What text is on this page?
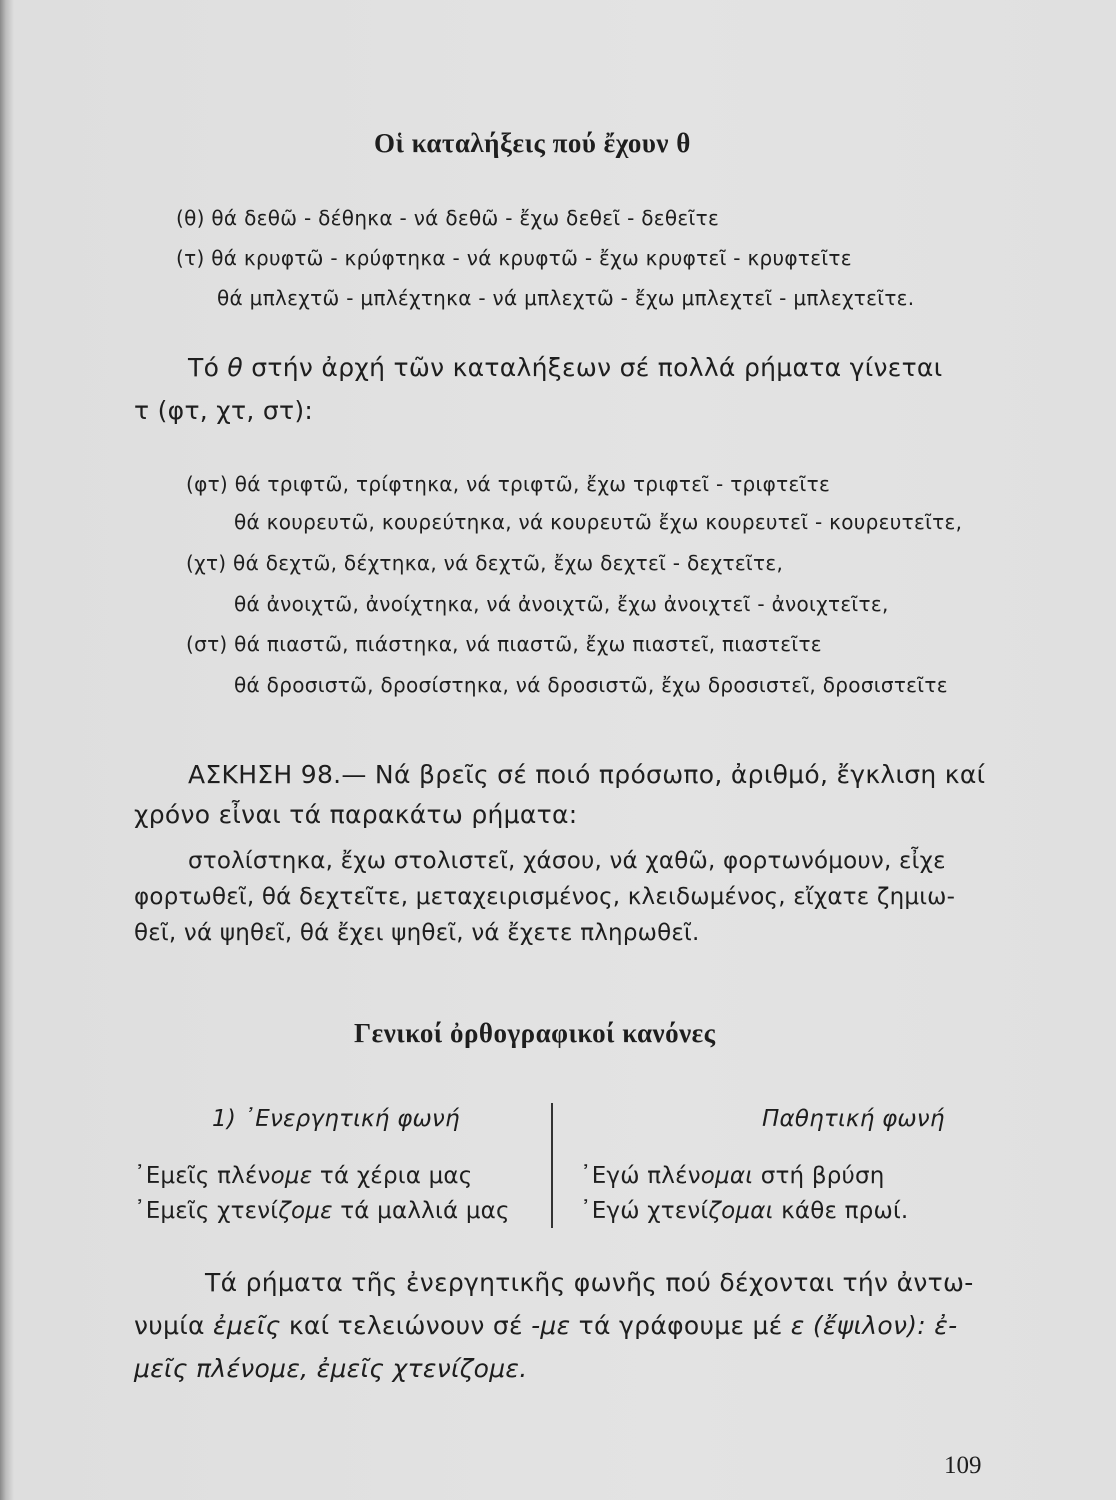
Οἱ καταλήξεις πού ἔχουν θ
(θ) θά δεθῶ - δέθηκα - νά δεθῶ - ἔχω δεθεῖ - δεθεῖτε
(τ) θά κρυφτῶ - κρύφτηκα - νά κρυφτῶ - ἔχω κρυφτεῖ - κρυφτεῖτε
θά μπλεχτῶ - μπλέχτηκα - νά μπλεχτῶ - ἔχω μπλεχτεῖ - μπλεχτεῖτε.
Τό θ στήν ἀρχή τῶν καταλήξεων σέ πολλά ρήματα γίνεται
τ (φτ, χτ, στ):
(φτ) θά τριφτῶ, τρίφτηκα, νά τριφτῶ, ἔχω τριφτεῖ - τριφτεῖτε
θά κουρευτῶ, κουρεύτηκα, νά κουρευτῶ ἔχω κουρευτεῖ - κουρευτεῖτε,
(χτ) θά δεχτῶ, δέχτηκα, νά δεχτῶ, ἔχω δεχτεῖ - δεχτεῖτε,
θά ἀνοιχτῶ, ἀνοίχτηκα, νά ἀνοιχτῶ, ἔχω ἀνοιχτεῖ - ἀνοιχτεῖτε,
(στ) θά πιαστῶ, πιάστηκα, νά πιαστῶ, ἔχω πιαστεῖ, πιαστεῖτε
θά δροσιστῶ, δροσίστηκα, νά δροσιστῶ, ἔχω δροσιστεῖ, δροσιστεῖτε
ΑΣΚΗΣΗ 98.— Νά βρεῖς σέ ποιό πρόσωπο, ἀριθμό, ἔγκλιση καί
χρόνο εἶναι τά παρακάτω ρήματα:
στολίστηκα, ἔχω στολιστεῖ, χάσου, νά χαθῶ, φορτωνόμουν, εἶχε
φορτωθεῖ, θά δεχτεῖτε, μεταχειρισμένος, κλειδωμένος, εἴχατε ζημιω-
θεῖ, νά ψηθεῖ, θά ἔχει ψηθεῖ, νά ἔχετε πληρωθεῖ.
Γενικοί ὀρθογραφικοί κανόνες
1) ᾽Ενεργητική φωνή	Παθητική φωνή
᾽Εμεῖς πλένομε τά χέρια μας
᾽Εμεῖς χτενίζομε τά μαλλιά μας
᾽Εγώ πλένομαι στή βρύση
᾽Εγώ χτενίζομαι κάθε πρωί.
Τά ρήματα τῆς ἐνεργητικῆς φωνῆς πού δέχονται τήν ἀντω-
νυμία ἐμεῖς καί τελειώνουν σέ -με τά γράφουμε μέ ε (ἔψιλον): ἐ-
μεῖς πλένομε, ἐμεῖς χτενίζομε.
109
